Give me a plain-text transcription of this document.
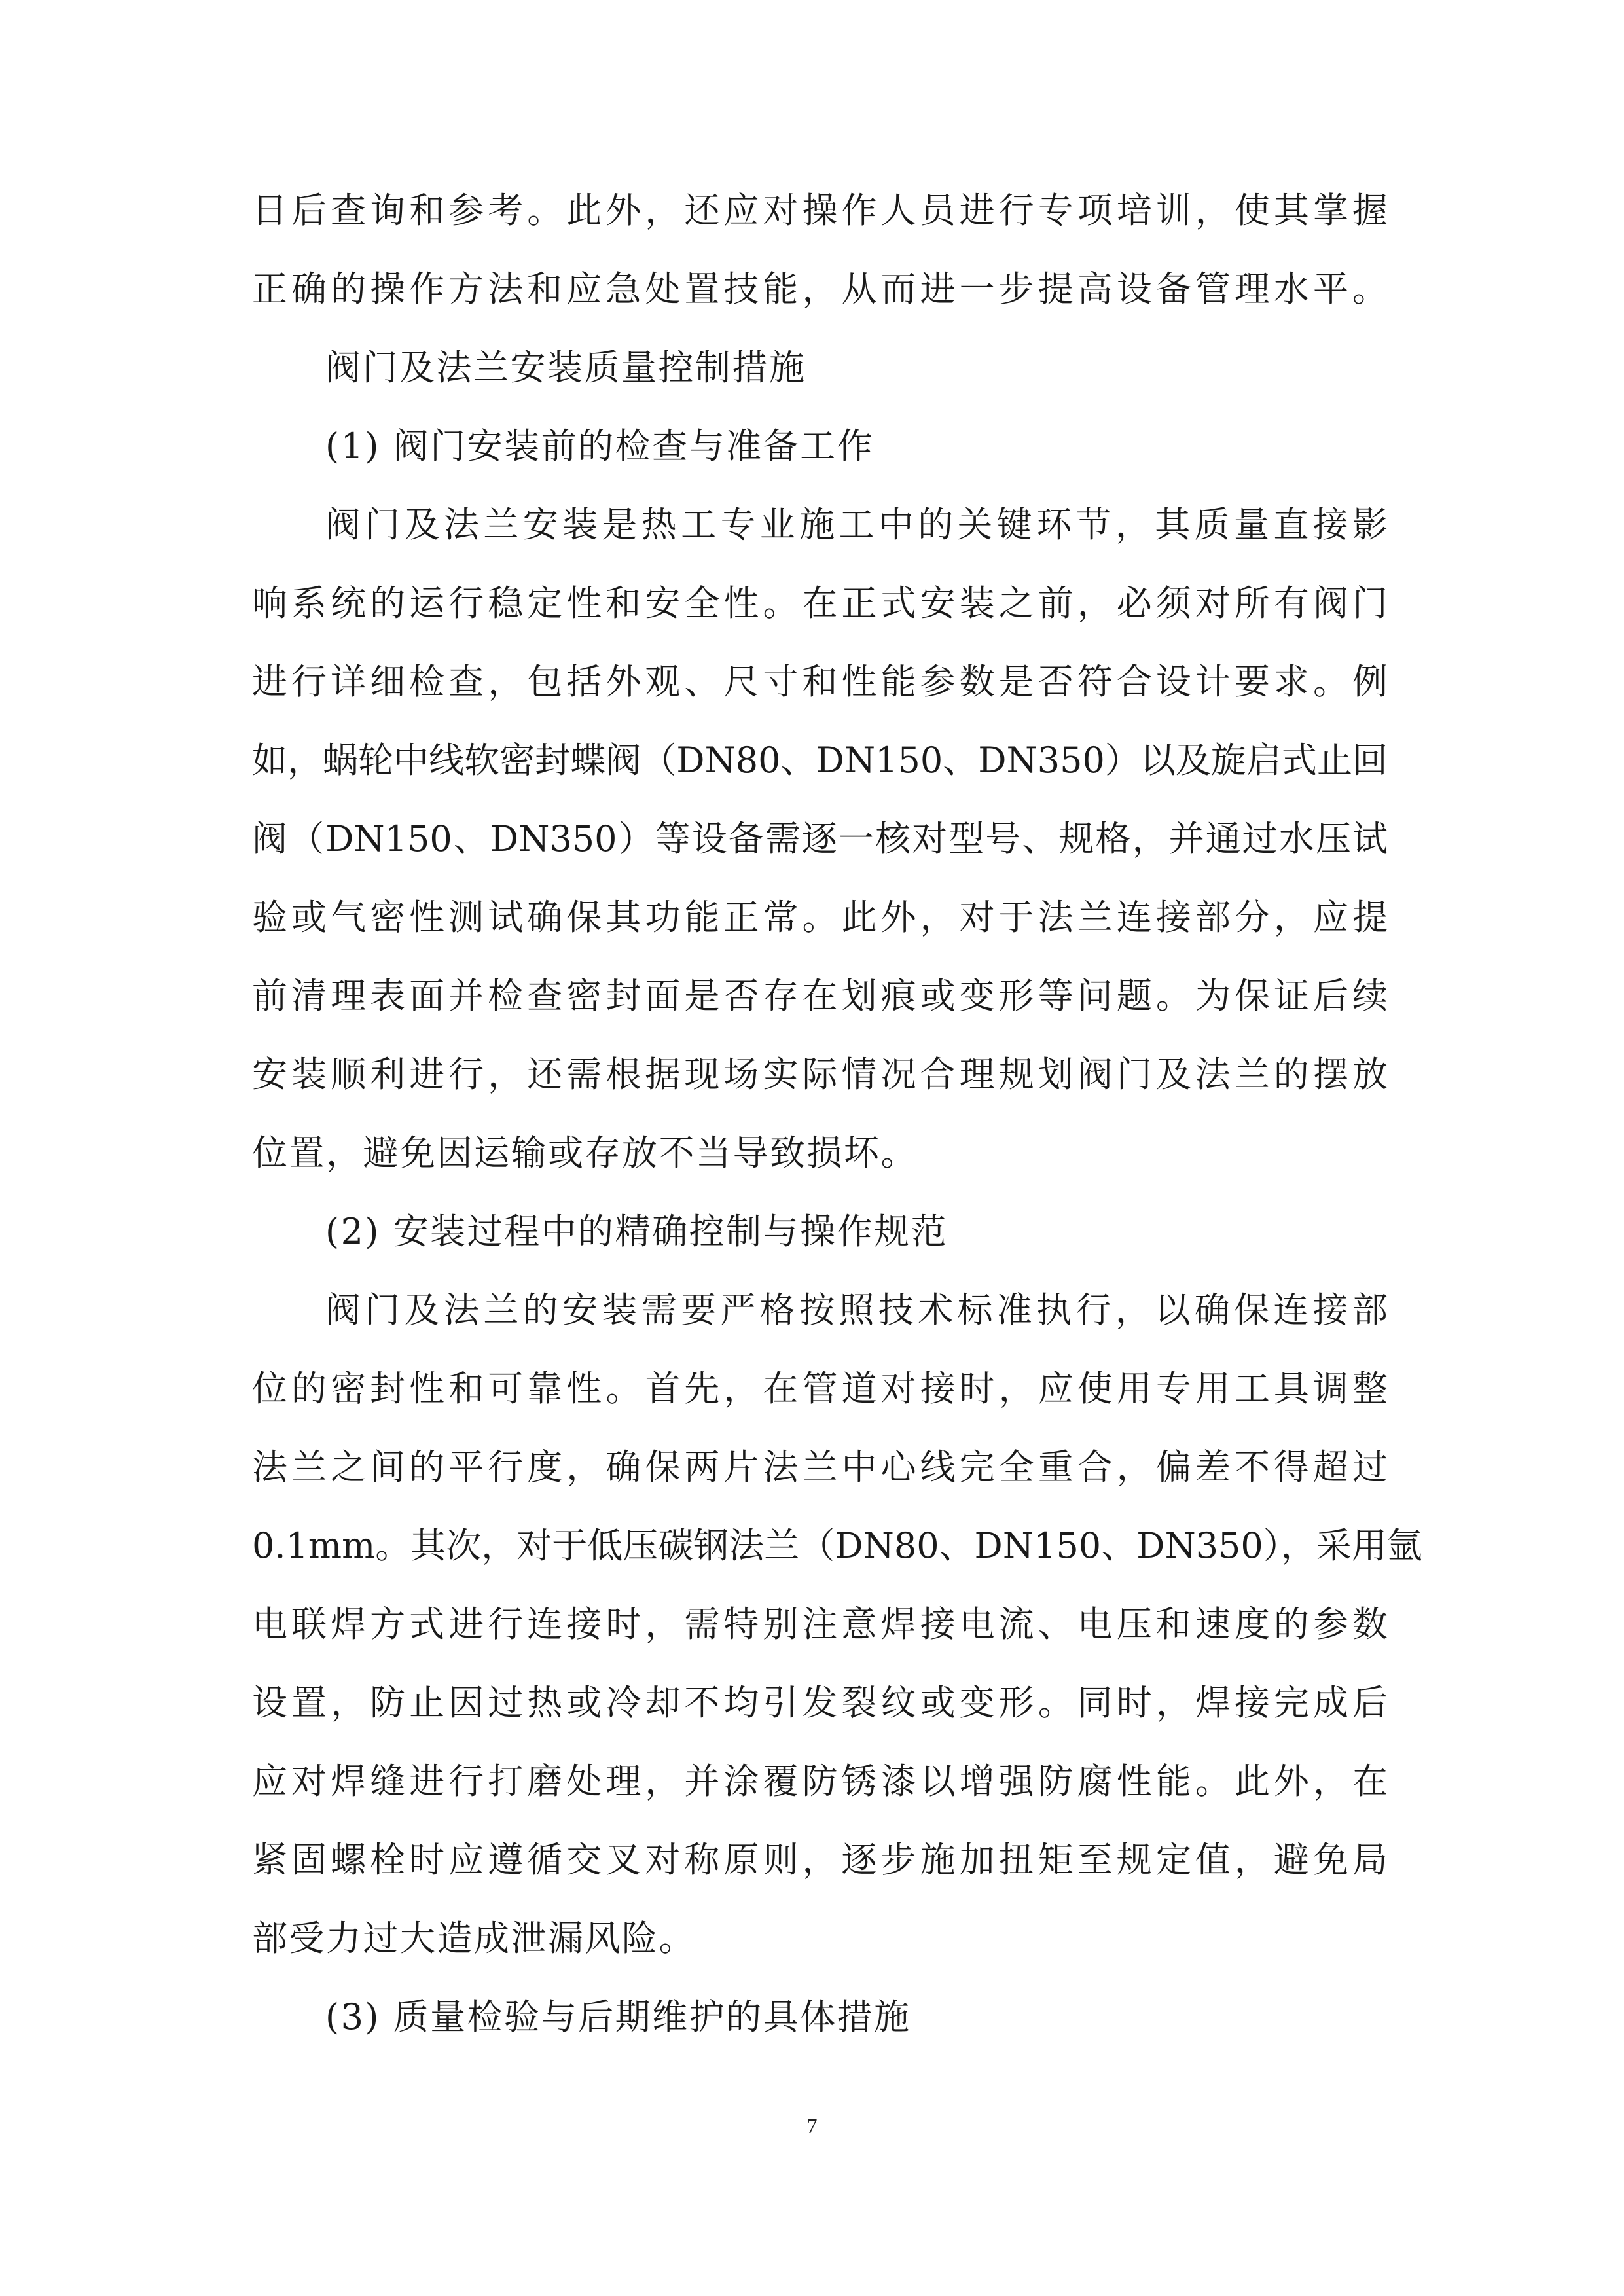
日后查询和参考。此外，还应对操作人员进行专项培训，使其掌握
正确的操作方法和应急处置技能，从而进一步提高设备管理水平。
阀门及法兰安装质量控制措施
(1) 阀门安装前的检查与准备工作
阀门及法兰安装是热工专业施工中的关键环节，其质量直接影
响系统的运行稳定性和安全性。在正式安装之前，必须对所有阀门
进行详细检查，包括外观、尺寸和性能参数是否符合设计要求。例
如，蜗轮中线软密封蝶阀（DN80、DN150、DN350）以及旋启式止回
阀（DN150、DN350）等设备需逐一核对型号、规格，并通过水压试
验或气密性测试确保其功能正常。此外，对于法兰连接部分，应提
前清理表面并检查密封面是否存在划痕或变形等问题。为保证后续
安装顺利进行，还需根据现场实际情况合理规划阀门及法兰的摆放
位置，避免因运输或存放不当导致损坏。
(2) 安装过程中的精确控制与操作规范
阀门及法兰的安装需要严格按照技术标准执行，以确保连接部
位的密封性和可靠性。首先，在管道对接时，应使用专用工具调整
法兰之间的平行度，确保两片法兰中心线完全重合，偏差不得超过
0.1mm。其次，对于低压碳钢法兰（DN80、DN150、DN350），采用氩
电联焊方式进行连接时，需特别注意焊接电流、电压和速度的参数
设置，防止因过热或冷却不均引发裂纹或变形。同时，焊接完成后
应对焊缝进行打磨处理，并涂覆防锈漆以增强防腐性能。此外，在
紧固螺栓时应遵循交叉对称原则，逐步施加扭矩至规定值，避免局
部受力过大造成泄漏风险。
(3) 质量检验与后期维护的具体措施
7
